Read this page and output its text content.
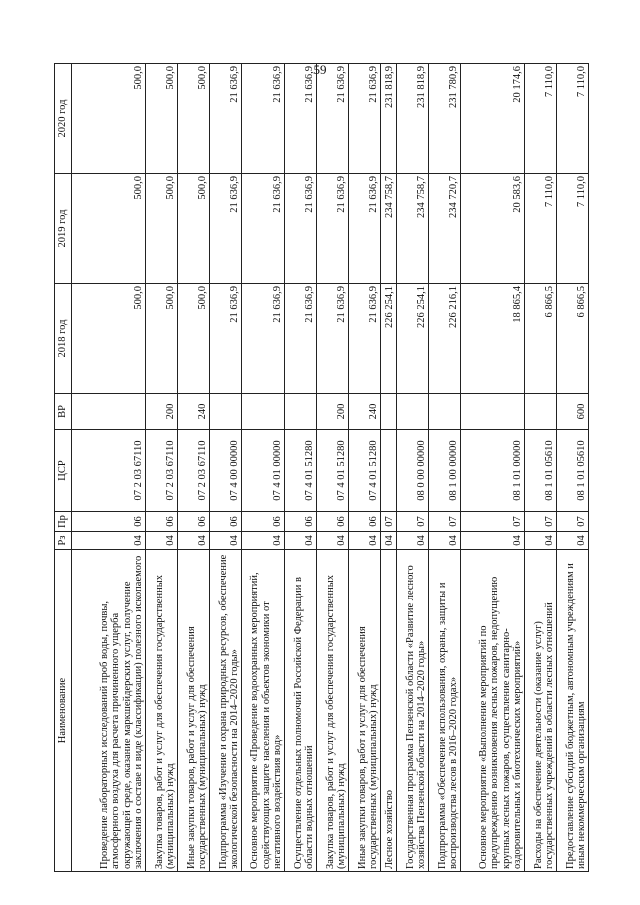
59
Наименование	Рз	Пр	ЦСР	ВР	2018 год	2019 год	2020 год
Проведение лабораторных исследований проб воды, почвы, атмосферного воздуха для расчета причиненного ущерба окружающей среде, оказание маркшейдерских услуг, получение заключения о составе и виде (классификации) полезного ископаемого	04	06	07 2 03 67110		500,0	500,0	500,0
Закупка товаров, работ и услуг для обеспечения государственных (муниципальных) нужд	04	06	07 2 03 67110	200	500,0	500,0	500,0
Иные закупки товаров, работ и услуг для обеспечения государственных (муниципальных) нужд	04	06	07 2 03 67110	240	500,0	500,0	500,0
Подпрограмма «Изучение и охрана природных ресурсов, обеспечение экологической безопасности на 2014–2020 годы»	04	06	07 4 00 00000		21 636,9	21 636,9	21 636,9
Основное мероприятие «Проведение водоохранных мероприятий, содействующих защите населения и объектов экономики от негативного воздействия вод»	04	06	07 4 01 00000		21 636,9	21 636,9	21 636,9
Осуществление отдельных полномочий Российской Федерации в области водных отношений	04	06	07 4 01 51280		21 636,9	21 636,9	21 636,9
Закупка товаров, работ и услуг для обеспечения государственных (муниципальных) нужд	04	06	07 4 01 51280	200	21 636,9	21 636,9	21 636,9
Иные закупки товаров, работ и услуг для обеспечения государственных (муниципальных) нужд	04	06	07 4 01 51280	240	21 636,9	21 636,9	21 636,9
Лесное хозяйство	04	07			226 254,1	234 758,7	231 818,9
Государственная программа Пензенской области «Развитие лесного хозяйства Пензенской области на 2014–2020 годы»	04	07	08 0 00 00000		226 254,1	234 758,7	231 818,9
Подпрограмма «Обеспечение использования, охраны, защиты и воспроизводства лесов в 2016–2020 годах»	04	07	08 1 00 00000		226 216,1	234 720,7	231 780,9
Основное мероприятие «Выполнение мероприятий по предупреждению возникновения лесных пожаров, недопущению крупных лесных пожаров, осуществление санитарно-оздоровительных и биотехнических мероприятий»	04	07	08 1 01 00000		18 865,4	20 583,6	20 174,6
Расходы на обеспечение деятельности (оказание услуг) государственных учреждений в области лесных отношений	04	07	08 1 01 05610		6 866,5	7 110,0	7 110,0
Предоставление субсидий бюджетным, автономным учреждениям и иным некоммерческим организациям	04	07	08 1 01 05610	600	6 866,5	7 110,0	7 110,0
